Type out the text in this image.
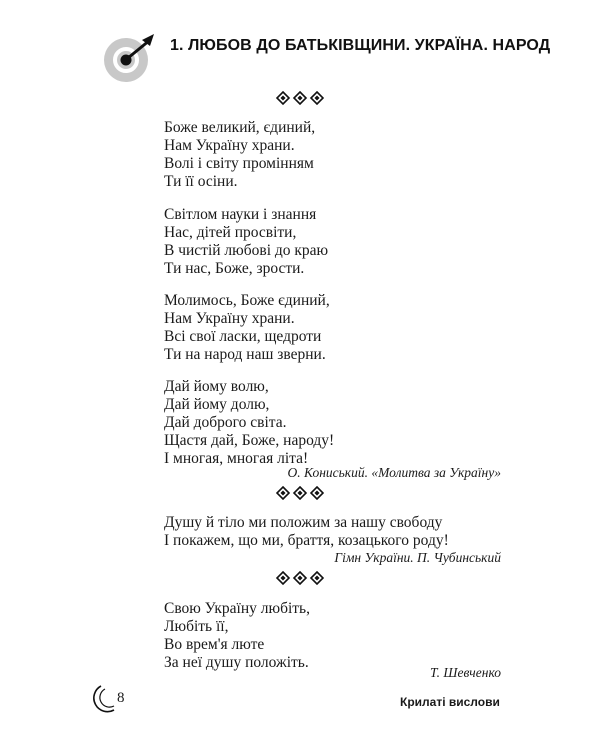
1. ЛЮБОВ ДО БАТЬКІВЩИНИ. УКРАЇНА. НАРОД
Боже великий, єдиний,
Нам Україну храни.
Волі і світу промінням
Ти її осіни.
Світлом науки і знання
Нас, дітей просвіти,
В чистій любові до краю
Ти нас, Боже, зрости.
Молимось, Боже єдиний,
Нам Україну храни.
Всі свої ласки, щедроти
Ти на народ наш зверни.
Дай йому волю,
Дай йому долю,
Дай доброго світа.
Щастя дай, Боже, народу!
І многая, многая літа!
О. Кониський. «Молитва за Україну»
Душу й тіло ми положим за нашу свободу
І покажем, що ми, браття, козацького роду!
Гімн України. П. Чубинський
Свою Україну любіть,
Любіть її,
Во врем'я люте
За неї душу положіть.
Т. Шевченко
8	Крилаті вислови
